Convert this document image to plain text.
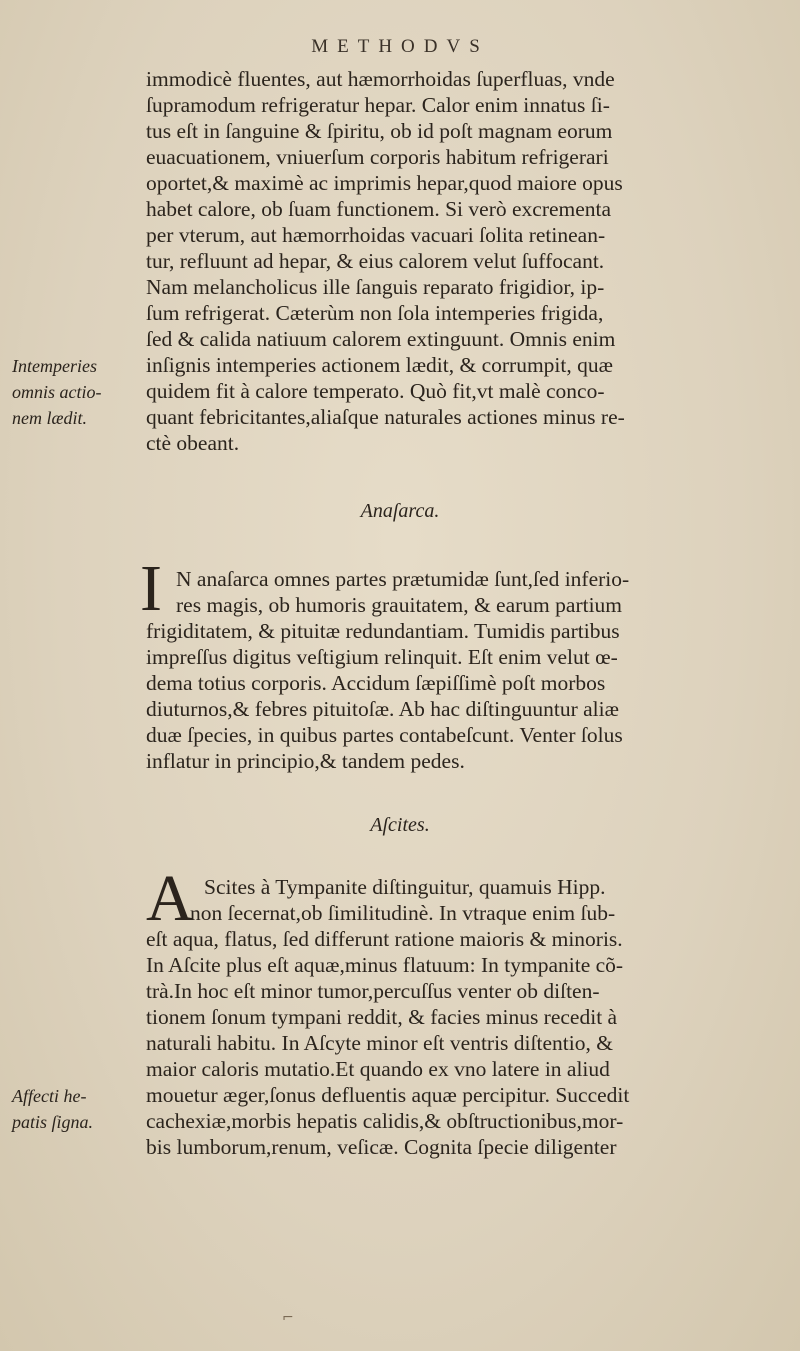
METHODVS
immodicè fluentes, aut hæmorrhoidas ſuperfluas, vnde
ſupramodum refrigeratur hepar. Calor enim innatus ſi-
tus eſt in ſanguine & ſpiritu, ob id poſt magnam eorum
euacuationem, vniuerſum corporis habitum refrigerari
oportet,& maximè ac imprimis hepar,quod maiore opus
habet calore, ob ſuam functionem. Si verò excrementa
per vterum, aut hæmorrhoidas vacuari ſolita retinean-
tur, refluunt ad hepar, & eius calorem velut ſuffocant.
Nam melancholicus ille ſanguis reparato frigidior, ip-
ſum refrigerat. Cæterùm non ſola intemperies frigida,
ſed & calida natiuum calorem extinguunt. Omnis enim
inſignis intemperies actionem lædit, & corrumpit, quæ
quidem fit à calore temperato. Quò fit,vt malè conco-
quant febricitantes,aliaſque naturales actiones minus re-
ctè obeant.
Intemperies
omnis actio-
nem lædit.
Anaſarca.
I N anaſarca omnes partes prætumidæ ſunt,ſed inferio-
res magis, ob humoris grauitatem, & earum partium
frigiditatem, & pituitæ redundantiam. Tumidis partibus
impreſſus digitus veſtigium relinquit. Eſt enim velut œ-
dema totius corporis. Accidum ſæpiſſimè poſt morbos
diuturnos,& febres pituitoſæ. Ab hac diſtinguuntur aliæ
duæ ſpecies, in quibus partes contabeſcunt. Venter ſolus
inflatur in principio,& tandem pedes.
Aſcites.
A Scites à Tympanite diſtinguitur, quamuis Hipp.
non ſecernat,ob ſimilitudinè. In vtraque enim ſub-
eſt aqua, flatus, ſed differunt ratione maioris & minoris.
In Aſcite plus eſt aquæ,minus flatuum: In tympanite cõ-
trà.In hoc eſt minor tumor,percuſſus venter ob diſten-
tionem ſonum tympani reddit, & facies minus recedit à
naturali habitu. In Aſcyte minor eſt ventris diſtentio, &
maior caloris mutatio.Et quando ex vno latere in aliud
mouetur æger,ſonus defluentis aquæ percipitur. Succedit
cachexiæ,morbis hepatis calidis,& obſtructionibus,mor-
bis lumborum,renum, veſicæ. Cognita ſpecie diligenter
Affecti he-
patis ſigna.
⌐
